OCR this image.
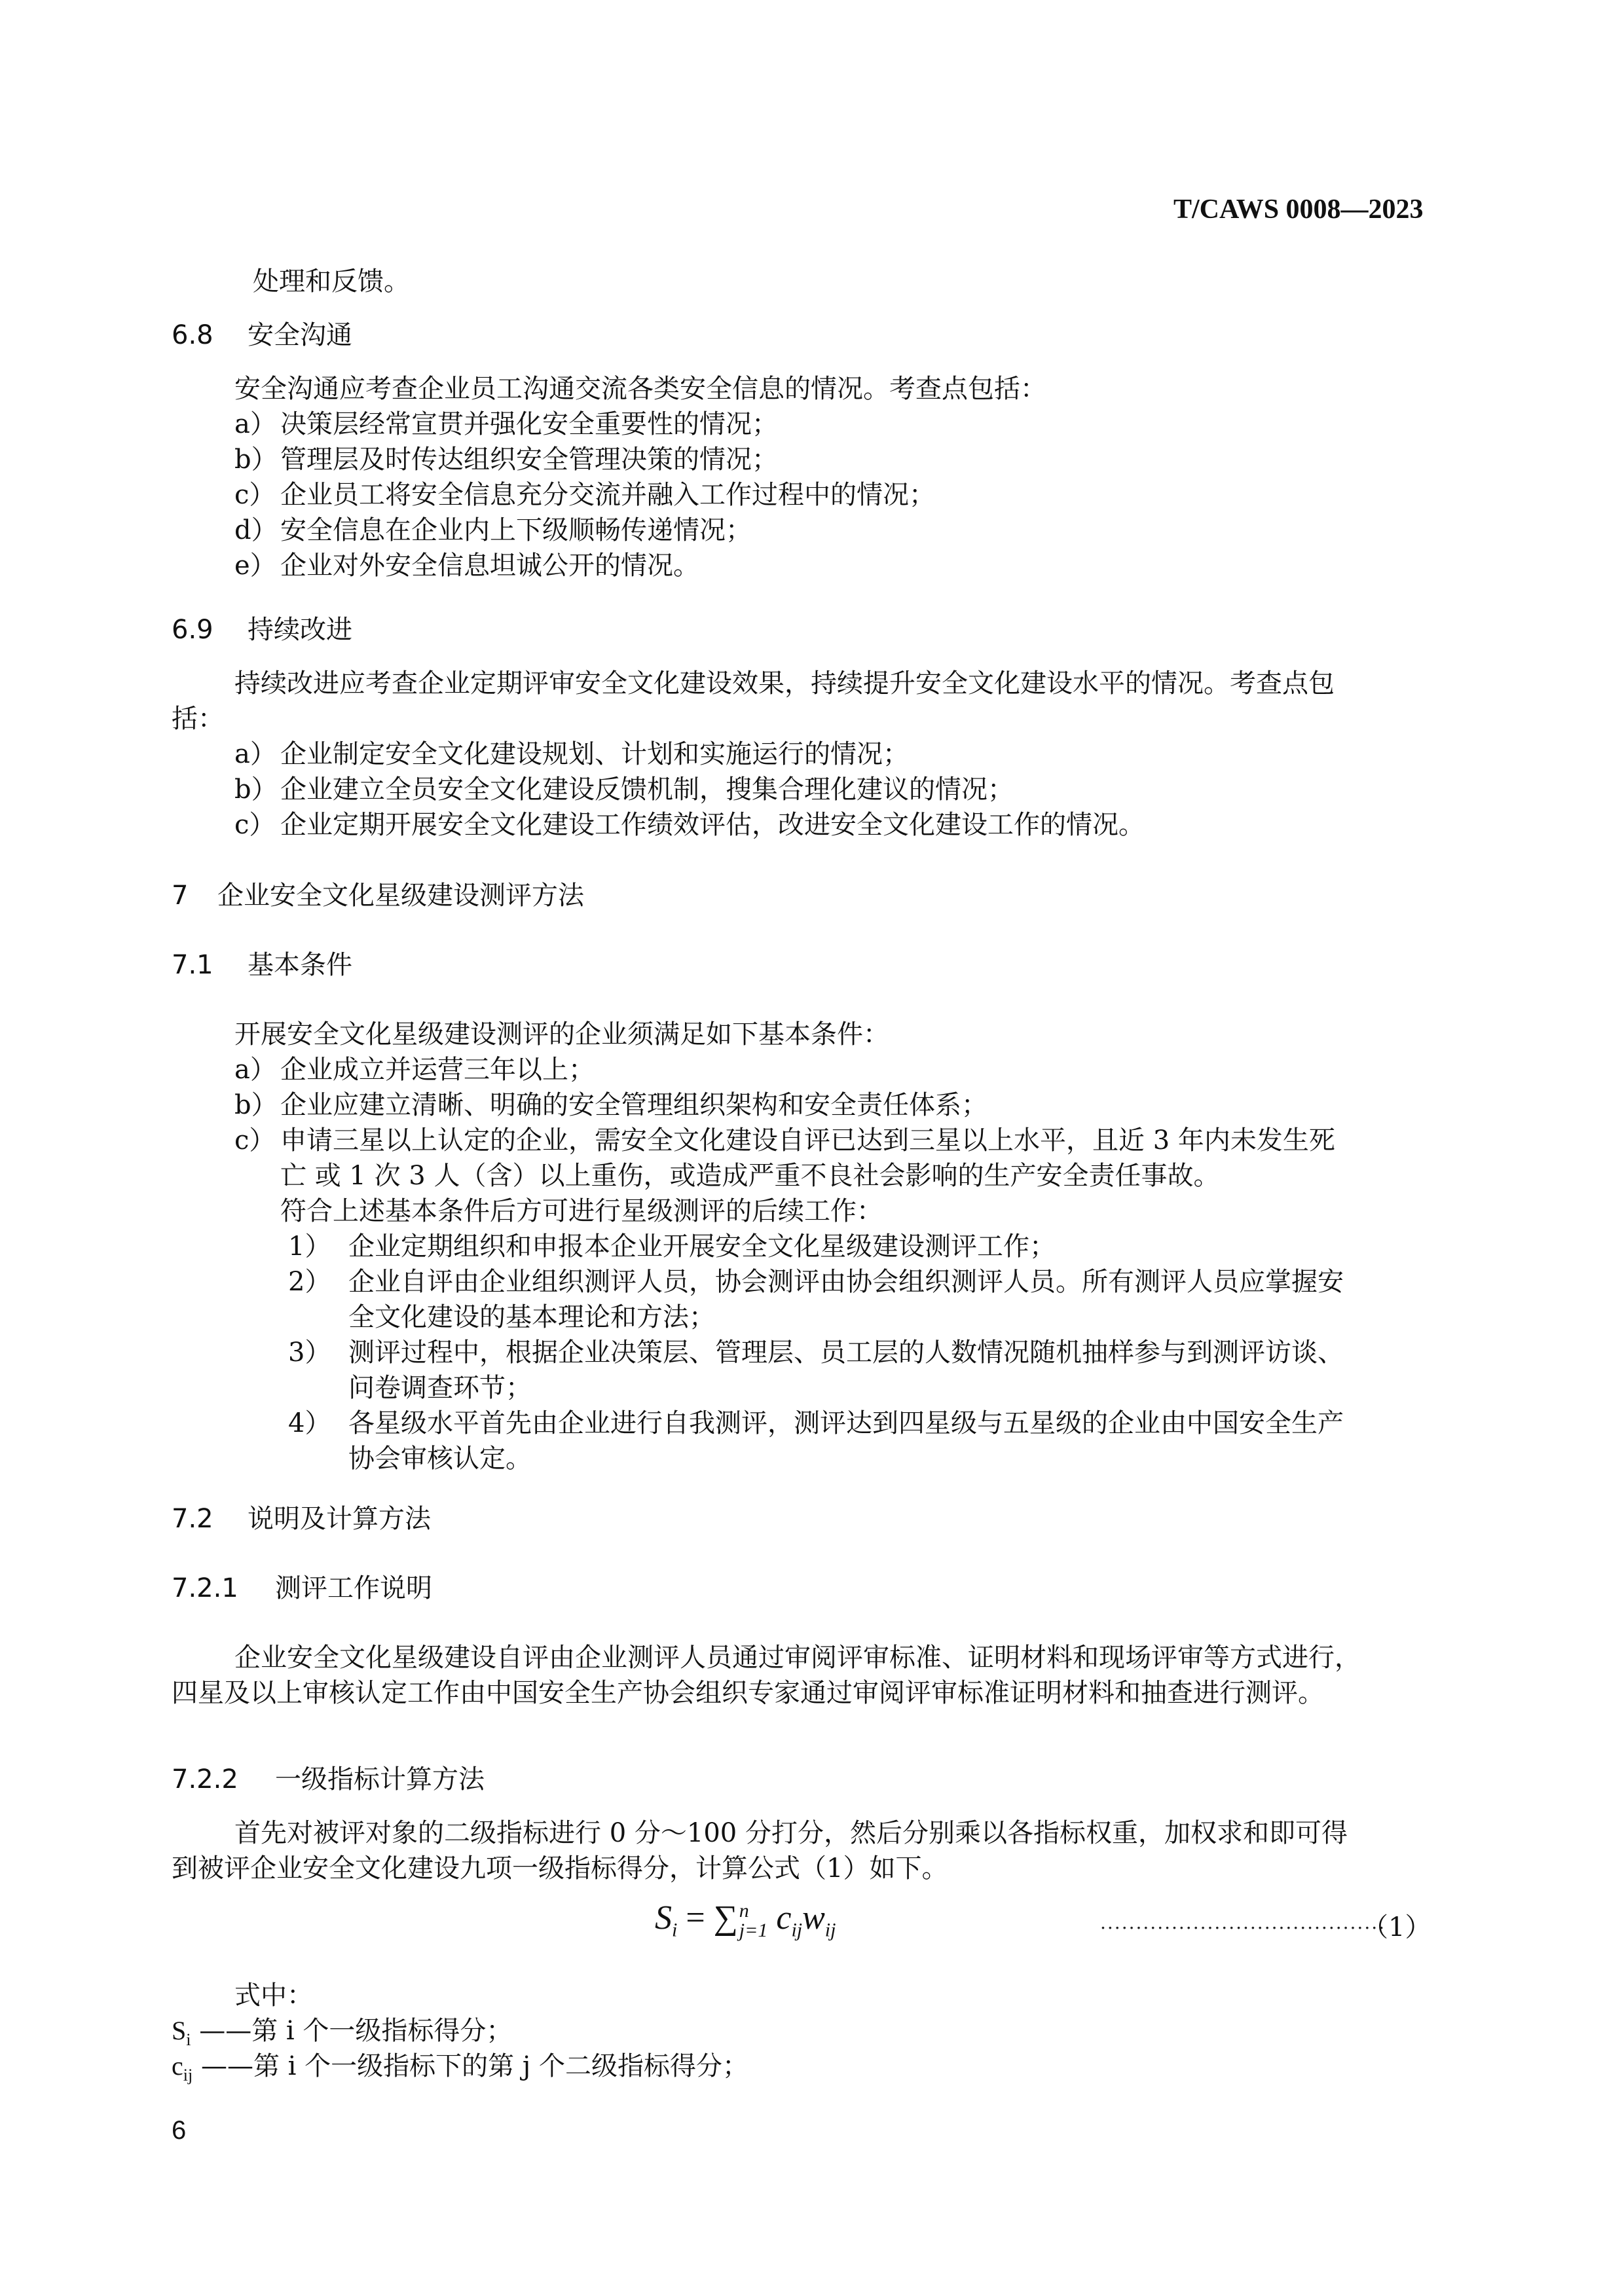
T/CAWS 0008—2023
处理和反馈。
6.8 安全沟通
安全沟通应考查企业员工沟通交流各类安全信息的情况。考查点包括：
a） 决策层经常宣贯并强化安全重要性的情况；
b） 管理层及时传达组织安全管理决策的情况；
c） 企业员工将安全信息充分交流并融入工作过程中的情况；
d） 安全信息在企业内上下级顺畅传递情况；
e） 企业对外安全信息坦诚公开的情况。
6.9 持续改进
持续改进应考查企业定期评审安全文化建设效果，持续提升安全文化建设水平的情况。考查点包
括：
a） 企业制定安全文化建设规划、计划和实施运行的情况；
b） 企业建立全员安全文化建设反馈机制，搜集合理化建议的情况；
c） 企业定期开展安全文化建设工作绩效评估，改进安全文化建设工作的情况。
7 企业安全文化星级建设测评方法
7.1 基本条件
开展安全文化星级建设测评的企业须满足如下基本条件：
a） 企业成立并运营三年以上；
b） 企业应建立清晰、明确的安全管理组织架构和安全责任体系；
c） 申请三星以上认定的企业，需安全文化建设自评已达到三星以上水平，且近 3 年内未发生死
亡 或 1 次 3 人（含）以上重伤，或造成严重不良社会影响的生产安全责任事故。
符合上述基本条件后方可进行星级测评的后续工作：
1） 企业定期组织和申报本企业开展安全文化星级建设测评工作；
2） 企业自评由企业组织测评人员，协会测评由协会组织测评人员。所有测评人员应掌握安
全文化建设的基本理论和方法；
3） 测评过程中，根据企业决策层、管理层、员工层的人数情况随机抽样参与到测评访谈、
问卷调查环节；
4） 各星级水平首先由企业进行自我测评，测评达到四星级与五星级的企业由中国安全生产
协会审核认定。
7.2 说明及计算方法
7.2.1 测评工作说明
企业安全文化星级建设自评由企业测评人员通过审阅评审标准、证明材料和现场评审等方式进行，
四星及以上审核认定工作由中国安全生产协会组织专家通过审阅评审标准证明材料和抽查进行测评。
7.2.2 一级指标计算方法
首先对被评对象的二级指标进行 0 分～100 分打分，然后分别乘以各指标权重，加权求和即可得
到被评企业安全文化建设九项一级指标得分，计算公式（1）如下。
$S_i$ = ∑ n
j=1 $c_{ij}w_{ij}$	........................................
（1）
式中：
$S_i$ ——第 i 个一级指标得分；
$c_{ij}$ ——第 i 个一级指标下的第 j 个二级指标得分；
6
